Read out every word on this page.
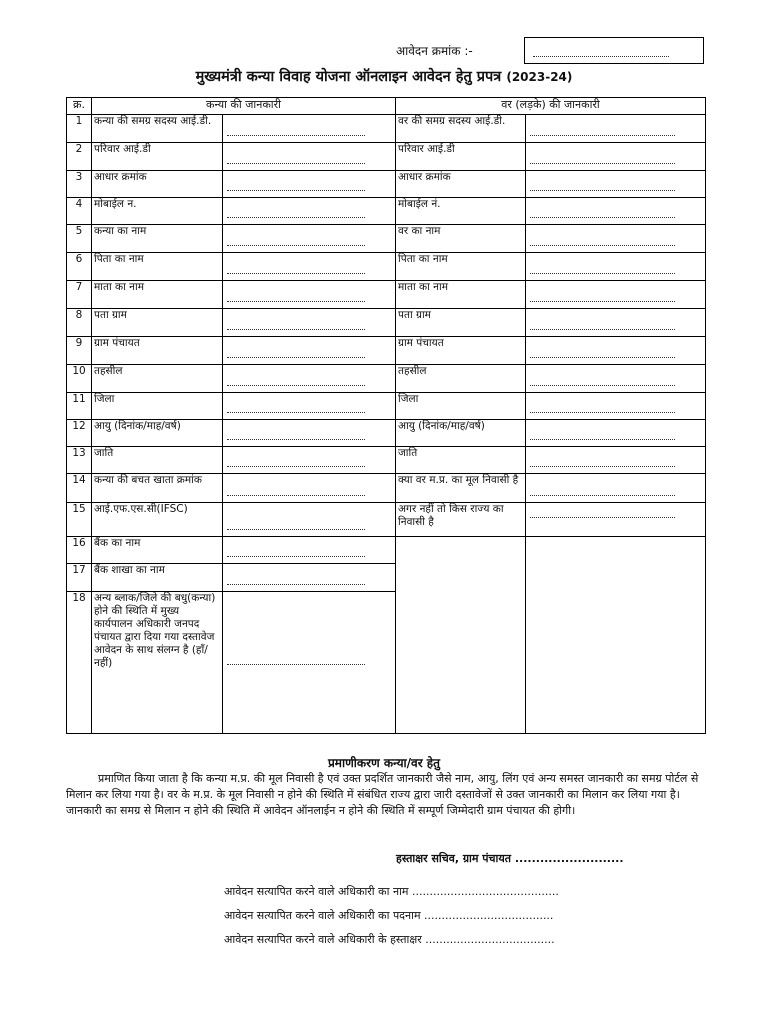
आवेदन क्रमांक :-
मुख्यमंत्री कन्या विवाह योजना ऑनलाइन आवेदन हेतु प्रपत्र (2023-24)
क्र.	कन्या की जानकारी		वर (लड़के) की जानकारी	
1	कन्या की समग्र सदस्य आई.डी.		वर की समग्र सदस्य आई.डी.	

2	परिवार आई.डी		परिवार आई.डी	

3	आधार क्रमांक		आधार क्रमांक	

4	मोबाईल न.		मोबाईल नं.	

5	कन्या का नाम		वर का नाम	

6	पिता का नाम		पिता का नाम	

7	माता का नाम		माता का नाम	

8	पता ग्राम		पता ग्राम	

9	ग्राम पंचायत		ग्राम पंचायत	

10	तहसील		तहसील	

11	जिला		जिला	

12	आयु (दिनांक/माह/वर्ष)		आयु (दिनांक/माह/वर्ष)	

13	जाति		जाति	

14	कन्या की बचत खाता क्रमांक		क्या वर म.प्र. का मूल निवासी है	

15	आई.एफ.एस.सी(IFSC)		अगर नहीं तो किस राज्य का निवासी है	

16	बैंक का नाम	

17	बैंक शाखा का नाम			

18	अन्य ब्लाक/जिले की बधु(कन्या) होने की स्थिति में मुख्य कार्यपालन अधिकारी जनपद पंचायत द्वारा दिया गया दस्तावेज आवेदन के साथ संलग्न है (हाँ/नहीं)			
प्रमाणीकरण कन्या/वर हेतु
प्रमाणित किया जाता है कि कन्या म.प्र. की मूल निवासी है एवं उक्त प्रदर्शित जानकारी जैसे नाम, आयु, लिंग एवं अन्य समस्त जानकारी का समग्र पोर्टल से मिलान कर लिया गया है। वर के म.प्र. के मूल निवासी न होने की स्थिति में संबंधित राज्य द्वारा जारी दस्तावेजों से उक्त जानकारी का मिलान कर लिया गया है। जानकारी का समग्र से मिलान न होने की स्थिति में आवेदन ऑनलाईन न होने की स्थिति में सम्पूर्ण जिम्मेदारी ग्राम पंचायत की होगी।
हस्ताक्षर सचिव, ग्राम पंचायत ..........................
आवेदन सत्यापित करने वाले अधिकारी का नाम ..........................................
आवेदन सत्यापित करने वाले अधिकारी का पदनाम .....................................
आवेदन सत्यापित करने वाले अधिकारी के हस्ताक्षर .....................................
